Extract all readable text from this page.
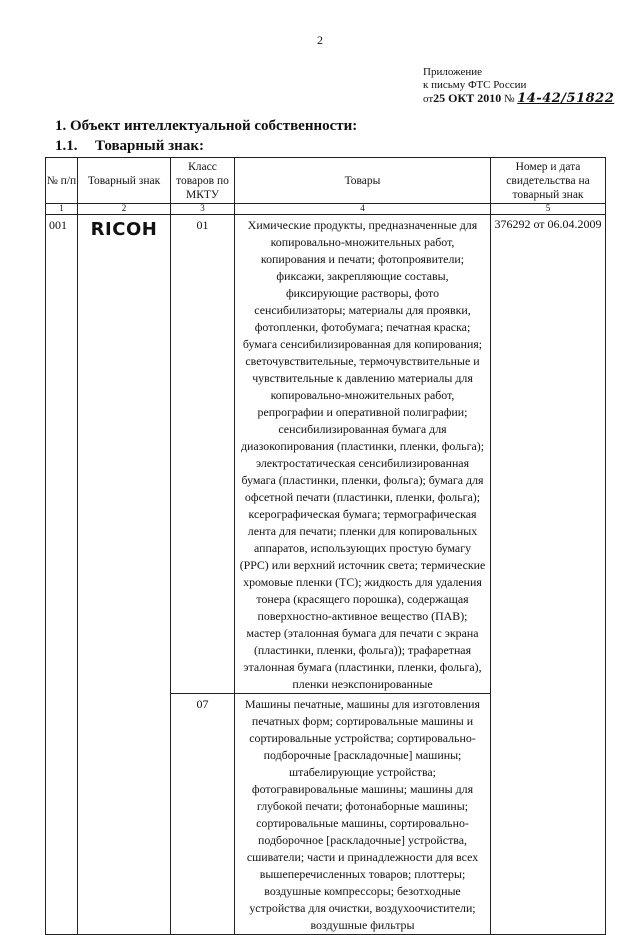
2
Приложение
к письму ФТС России
от25 ОКТ 2010 № 14-42/51822
1. Объект интеллектуальной собственности:
1.1. Товарный знак:
№ п/п	Товарный знак	Класс товаров по МКТУ	Товары	Номер и дата свидетельства на товарный знак
1	2	3	4	5
001	RICOH	01	Химические продукты, предназначенные для копировально-множительных работ, копирования и печати; фотопроявители; фиксажи, закрепляющие составы, фиксирующие растворы, фото сенсибилизаторы; материалы для проявки, фотопленки, фотобумага; печатная краска; бумага сенсибилизированная для копирования; светочувствительные, термочувствительные и чувствительные к давлению материалы для копировально-множительных работ, репрографии и оперативной полиграфии; сенсибилизированная бумага для диазокопирования (пластинки, пленки, фольга); электростатическая сенсибилизированная бумага (пластинки, пленки, фольга); бумага для офсетной печати (пластинки, пленки, фольга); ксерографическая бумага; термографическая лента для печати; пленки для копировальных аппаратов, использующих простую бумагу (PPC) или верхний источник света; термические хромовые пленки (TC); жидкость для удаления тонера (красящего порошка), содержащая поверхностно-активное вещество (ПАВ); мастер (эталонная бумага для печати с экрана (пластинки, пленки, фольга)); трафаретная эталонная бумага (пластинки, пленки, фольга), пленки неэкспонированные	376292 от 06.04.2009
		07	Машины печатные, машины для изготовления печатных форм; сортировальные машины и сортировальные устройства; сортировально-подборочные [раскладочные] машины; штабелирующие устройства; фотогравировальные машины; машины для глубокой печати; фотонаборные машины; сортировальные машины, сортировально-подборочное [раскладочные] устройства, сшиватели; части и принадлежности для всех вышеперечисленных товаров; плоттеры; воздушные компрессоры; безотходные устройства для очистки, воздухоочистители; воздушные фильтры	
